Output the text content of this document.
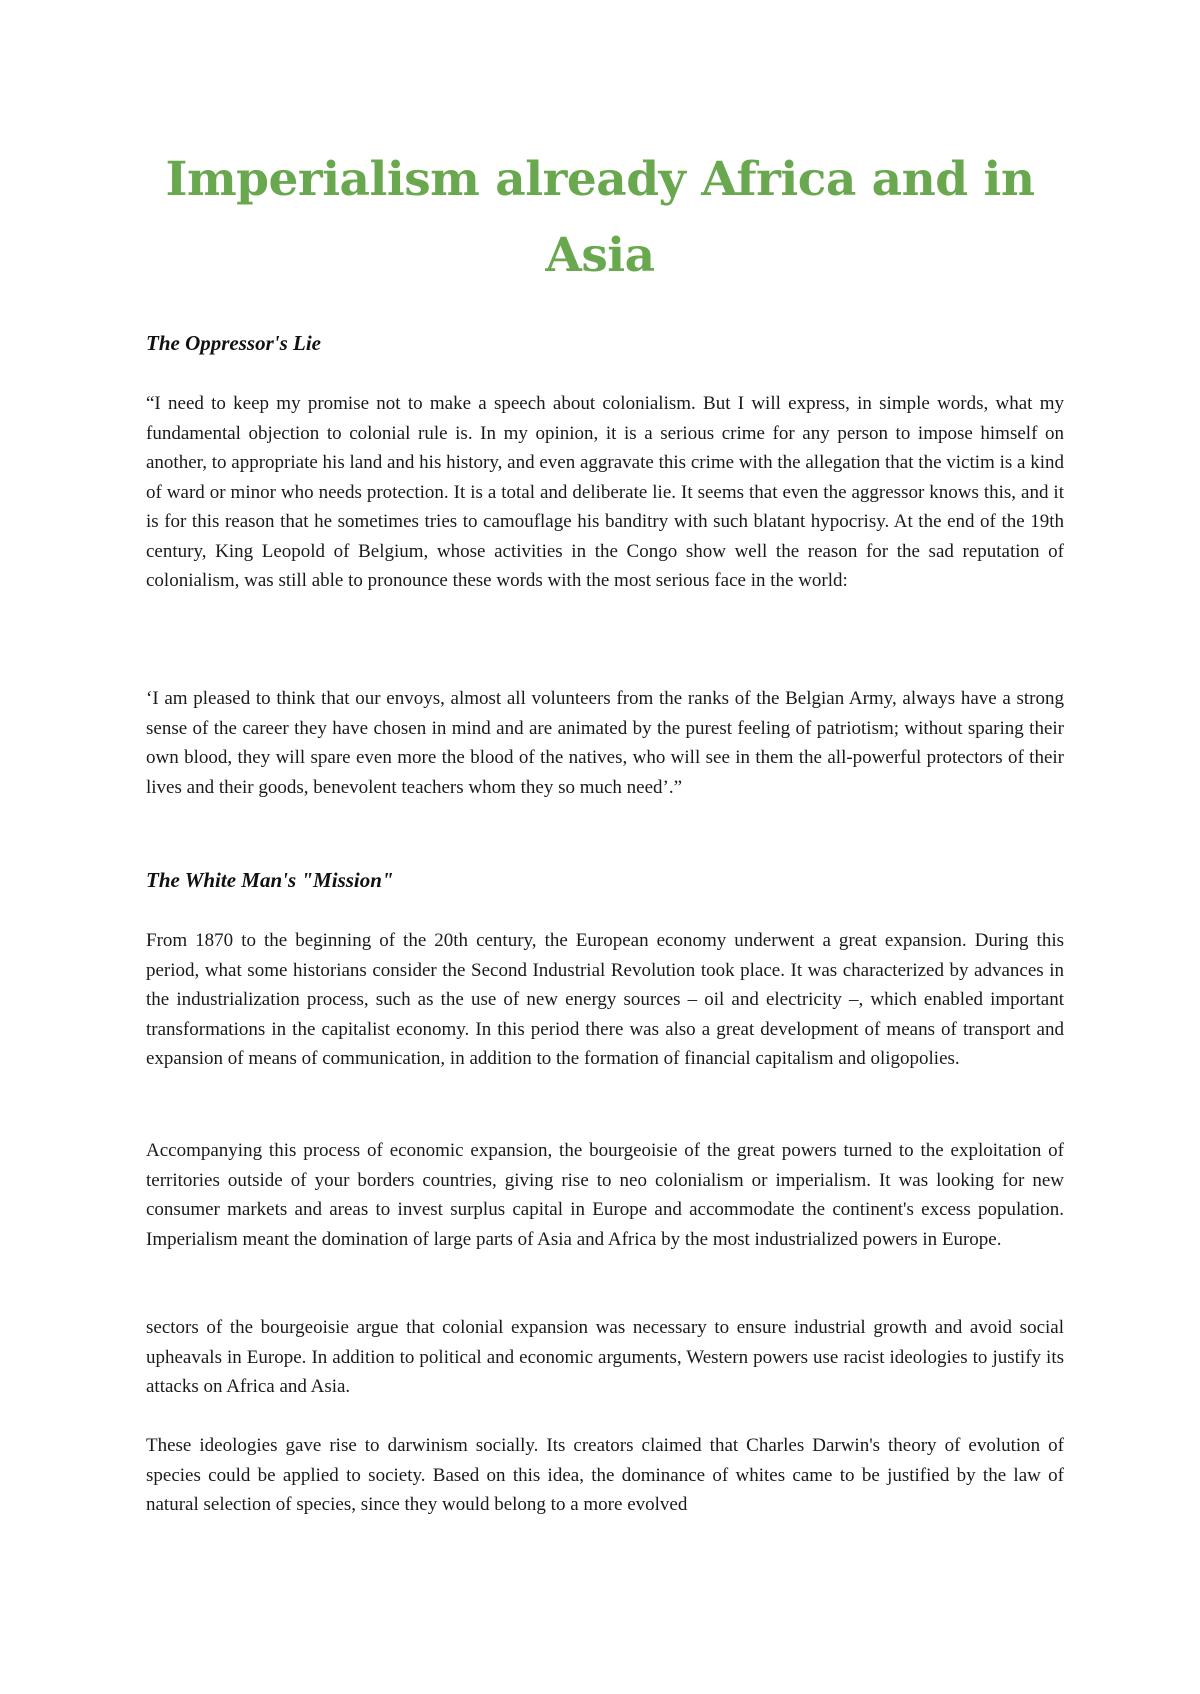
Imperialism already Africa and in Asia
The Oppressor's Lie

“I need to keep my promise not to make a speech about colonialism. But I will express, in simple words, what my fundamental objection to colonial rule is. In my opinion, it is a serious crime for any person to impose himself on another, to appropriate his land and his history, and even aggravate this crime with the allegation that the victim is a kind of ward or minor who needs protection. It is a total and deliberate lie. It seems that even the aggressor knows this, and it is for this reason that he sometimes tries to camouflage his banditry with such blatant hypocrisy. At the end of the 19th century, King Leopold of Belgium, whose activities in the Congo show well the reason for the sad reputation of colonialism, was still able to pronounce these words with the most serious face in the world:

‘I am pleased to think that our envoys, almost all volunteers from the ranks of the Belgian Army, always have a strong sense of the career they have chosen in mind and are animated by the purest feeling of patriotism; without sparing their own blood, they will spare even more the blood of the natives, who will see in them the all-powerful protectors of their lives and their goods, benevolent teachers whom they so much need’.”

The White Man's "Mission"

From 1870 to the beginning of the 20th century, the European economy underwent a great expansion. During this period, what some historians consider the Second Industrial Revolution took place. It was characterized by advances in the industrialization process, such as the use of new energy sources – oil and electricity –, which enabled important transformations in the capitalist economy. In this period there was also a great development of means of transport and expansion of means of communication, in addition to the formation of financial capitalism and oligopolies.

Accompanying this process of economic expansion, the bourgeoisie of the great powers turned to the exploitation of territories outside of your borders countries, giving rise to neo colonialism or imperialism. It was looking for new consumer markets and areas to invest surplus capital in Europe and accommodate the continent's excess population. Imperialism meant the domination of large parts of Asia and Africa by the most industrialized powers in Europe.

sectors of the bourgeoisie argue that colonial expansion was necessary to ensure industrial growth and avoid social upheavals in Europe. In addition to political and economic arguments, Western powers use racist ideologies to justify its attacks on Africa and Asia.

These ideologies gave rise to darwinism socially. Its creators claimed that Charles Darwin's theory of evolution of species could be applied to society. Based on this idea, the dominance of whites came to be justified by the law of natural selection of species, since they would belong to a more evolved
